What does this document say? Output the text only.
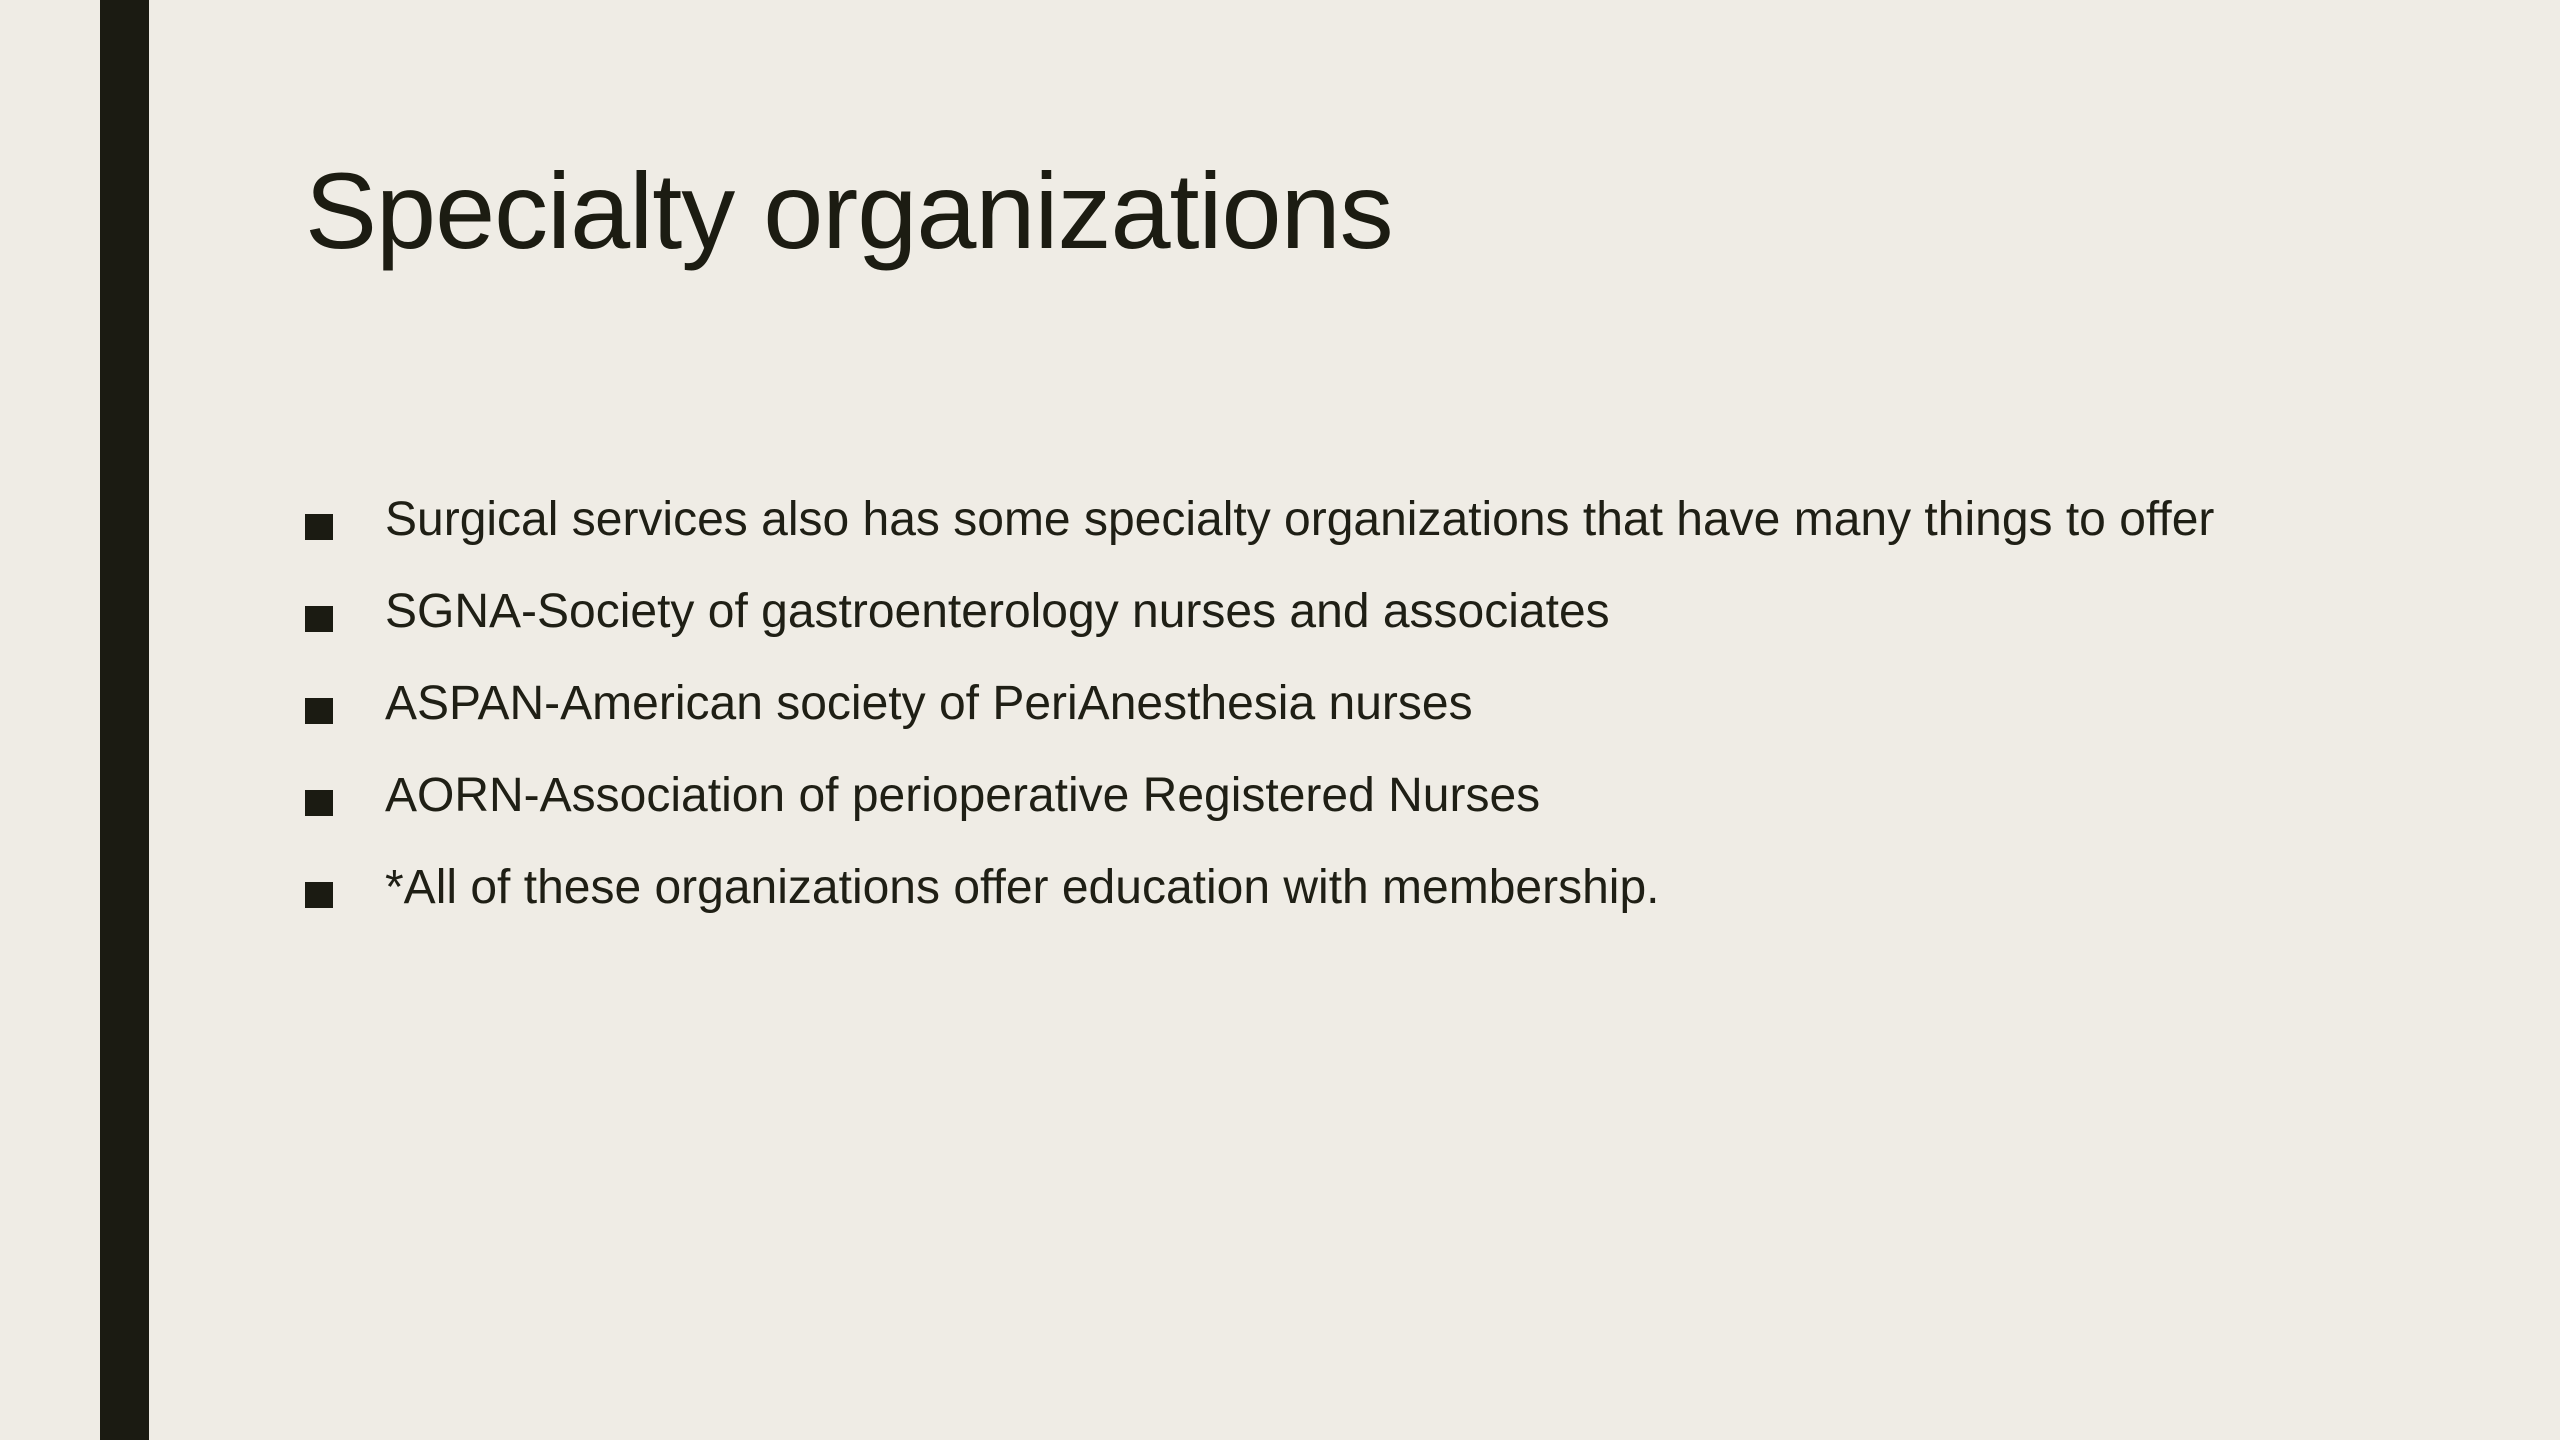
Specialty organizations
Surgical services also has some specialty organizations that have many things to offer
SGNA-Society of gastroenterology nurses and associates
ASPAN-American society of PeriAnesthesia nurses
AORN-Association of perioperative Registered Nurses
*All of these organizations offer education with membership.
